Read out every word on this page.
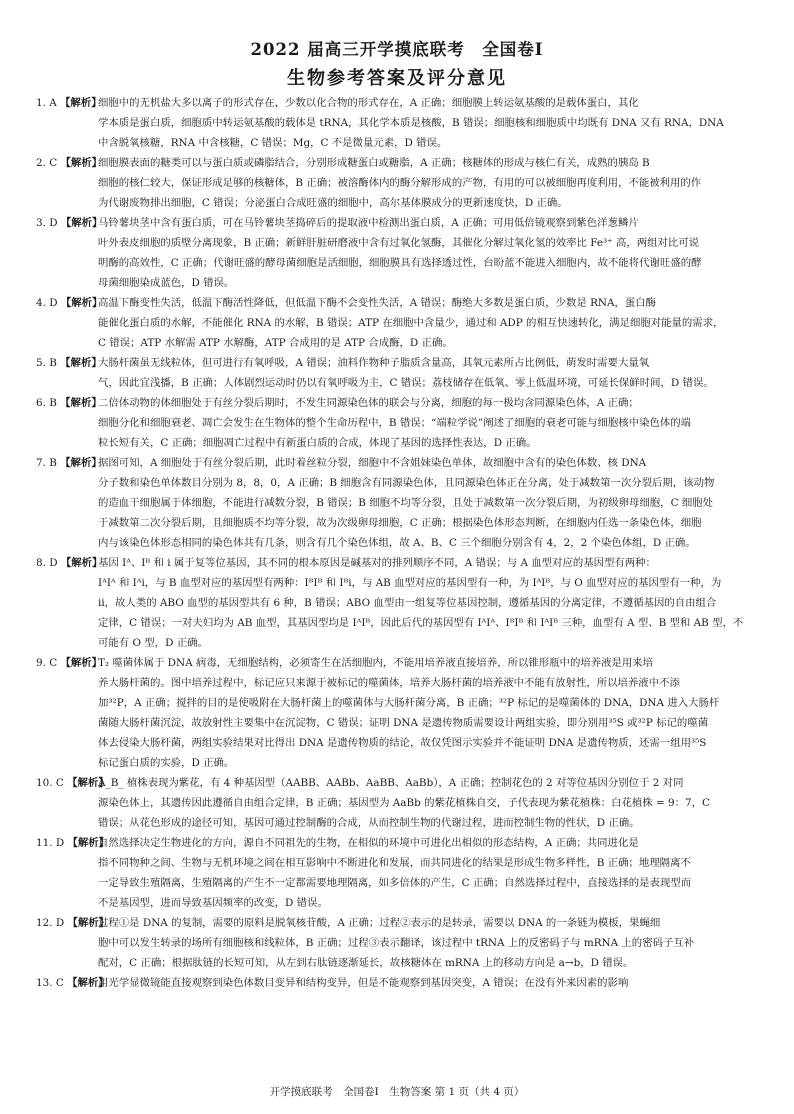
2022 届高三开学摸底联考　全国卷Ⅰ
生物参考答案及评分意见
1. A 【解析】
细胞中的无机盐大多以离子的形式存在，少数以化合物的形式存在，A 正确；细胞膜上转运氨基酸的是载体蛋白，其化
学本质是蛋白质，细胞质中转运氨基酸的载体是 tRNA，其化学本质是核酸，B 错误；细胞核和细胞质中均既有 DNA 又有 RNA，DNA
中含脱氧核糖，RNA 中含核糖，C 错误；Mg，C 不是微量元素，D 错误。
2. C 【解析】
细胞膜表面的糖类可以与蛋白质或磷脂结合，分别形成糖蛋白或糖脂，A 正确；核糖体的形成与核仁有关，成熟的胰岛 B
细胞的核仁较大，保证形成足够的核糖体，B 正确；被溶酶体内的酶分解形成的产物，有用的可以被细胞再度利用，不能被利用的作
为代谢废物排出细胞，C 错误；分泌蛋白合成旺盛的细胞中，高尔基体膜成分的更新速度快，D 正确。
3. D 【解析】
马铃薯块茎中含有蛋白质，可在马铃薯块茎捣碎后的提取液中检测出蛋白质，A 正确；可用低倍镜观察到紫色洋葱鳞片
叶外表皮细胞的质壁分离现象，B 正确；新鲜肝脏研磨液中含有过氧化氢酶，其催化分解过氧化氢的效率比 Fe³⁺ 高，两组对比可说
明酶的高效性，C 正确；代谢旺盛的酵母菌细胞是活细胞，细胞膜具有选择透过性，台盼蓝不能进入细胞内，故不能将代谢旺盛的酵
母菌细胞染成蓝色，D 错误。
4. D 【解析】
高温下酶变性失活，低温下酶活性降低，但低温下酶不会变性失活，A 错误；酶绝大多数是蛋白质，少数是 RNA，蛋白酶
能催化蛋白质的水解，不能催化 RNA 的水解，B 错误；ATP 在细胞中含量少，通过和 ADP 的相互快速转化，满足细胞对能量的需求，
C 错误；ATP 水解需 ATP 水解酶，ATP 合成用的是 ATP 合成酶，D 正确。
5. B 【解析】
大肠杆菌虽无线粒体，但可进行有氧呼吸，A 错误；油料作物种子脂质含量高，其氧元素所占比例低，萌发时需要大量氧
气，因此宜浅播，B 正确；人体剧烈运动时仍以有氧呼吸为主，C 错误；荔枝储存在低氧、零上低温环境，可延长保鲜时间，D 错误。
6. B 【解析】
二倍体动物的体细胞处于有丝分裂后期时，不发生同源染色体的联会与分离，细胞的每一极均含同源染色体，A 正确；
细胞分化和细胞衰老、凋亡会发生在生物体的整个生命历程中，B 错误；“端粒学说”阐述了细胞的衰老可能与细胞核中染色体的端
粒长短有关，C 正确；细胞凋亡过程中有新蛋白质的合成，体现了基因的选择性表达，D 正确。
7. B 【解析】
据图可知，A 细胞处于有丝分裂后期，此时着丝粒分裂，细胞中不含姐妹染色单体，故细胞中含有的染色体数、核 DNA
分子数和染色单体数目分别为 8，8，0，A 正确；B 细胞含有同源染色体，且同源染色体正在分离，处于减数第一次分裂后期，该动物
的造血干细胞属于体细胞，不能进行减数分裂，B 错误；B 细胞不均等分裂，且处于减数第一次分裂后期，为初级卵母细胞，C 细胞处
于减数第二次分裂后期，且细胞质不均等分裂，故为次级卵母细胞，C 正确；根据染色体形态判断，在细胞内任选一条染色体，细胞
内与该染色体形态相同的染色体共有几条，则含有几个染色体组，故 A、B、C 三个细胞分别含有 4，2，2 个染色体组，D 正确。
8. D 【解析】
基因 Iᴬ、Iᴮ 和 i 属于复等位基因，其不同的根本原因是碱基对的排列顺序不同，A 错误；与 A 血型对应的基因型有两种：
IᴬIᴬ 和 Iᴬi，与 B 血型对应的基因型有两种：IᴮIᴮ 和 Iᴮi，与 AB 血型对应的基因型有一种，为 IᴬIᴮ，与 O 血型对应的基因型有一种，为
ii，故人类的 ABO 血型的基因型共有 6 种，B 错误；ABO 血型由一组复等位基因控制，遵循基因的分离定律，不遵循基因的自由组合
定律，C 错误；一对夫妇均为 AB 血型，其基因型均是 IᴬIᴮ，因此后代的基因型有 IᴬIᴬ、IᴮIᴮ 和 IᴬIᴮ 三种，血型有 A 型、B 型和 AB 型，不
可能有 O 型，D 正确。
9. C 【解析】
T₂ 噬菌体属于 DNA 病毒，无细胞结构，必须寄生在活细胞内，不能用培养液直接培养，所以锥形瓶中的培养液是用来培
养大肠杆菌的。图中培养过程中，标记应只来源于被标记的噬菌体，培养大肠杆菌的培养液中不能有放射性，所以培养液中不添
加³²P，A 正确；搅拌的目的是使吸附在大肠杆菌上的噬菌体与大肠杆菌分离，B 正确；³²P 标记的是噬菌体的 DNA，DNA 进入大肠杆
菌随大肠杆菌沉淀，故放射性主要集中在沉淀物，C 错误；证明 DNA 是遗传物质需要设计两组实验，即分别用³⁵S 或³²P 标记的噬菌
体去侵染大肠杆菌，两组实验结果对比得出 DNA 是遗传物质的结论，故仅凭图示实验并不能证明 DNA 是遗传物质，还需一组用³⁵S
标记蛋白质的实验，D 正确。
10. C 【解析】
A_B_ 植株表现为紫花，有 4 种基因型（AABB、AABb、AaBB、AaBb），A 正确；控制花色的 2 对等位基因分别位于 2 对同
源染色体上，其遗传因此遵循自由组合定律，B 正确；基因型为 AaBb 的紫花植株自交，子代表现为紫花植株：白花植株 = 9：7，C
错误；从花色形成的途径可知，基因可通过控制酶的合成，从而控制生物的代谢过程，进而控制生物的性状，D 正确。
11. D 【解析】
自然选择决定生物进化的方向，源自不同祖先的生物，在相似的环境中可进化出相似的形态结构，A 正确；共同进化是
指不同物种之间、生物与无机环境之间在相互影响中不断进化和发展，而共同进化的结果是形成生物多样性，B 正确；地理隔离不
一定导致生殖隔离，生殖隔离的产生不一定都需要地理隔离，如多倍体的产生，C 正确；自然选择过程中，直接选择的是表现型而
不是基因型，进而导致基因频率的改变，D 错误。
12. D 【解析】
过程①是 DNA 的复制，需要的原料是脱氧核苷酸，A 正确；过程②表示的是转录，需要以 DNA 的一条链为模板，果蝇细
胞中可以发生转录的场所有细胞核和线粒体，B 正确；过程③表示翻译，该过程中 tRNA 上的反密码子与 mRNA 上的密码子互补
配对，C 正确；根据肽链的长短可知，从左到右肽链逐渐延长，故核糖体在 mRNA 上的移动方向是 a→b，D 错误。
13. C 【解析】
用光学显微镜能直接观察到染色体数目变异和结构变异，但是不能观察到基因突变，A 错误；在没有外来因素的影响
开学摸底联考　全国卷Ⅰ　生物答案 第 1 页（共 4 页）
